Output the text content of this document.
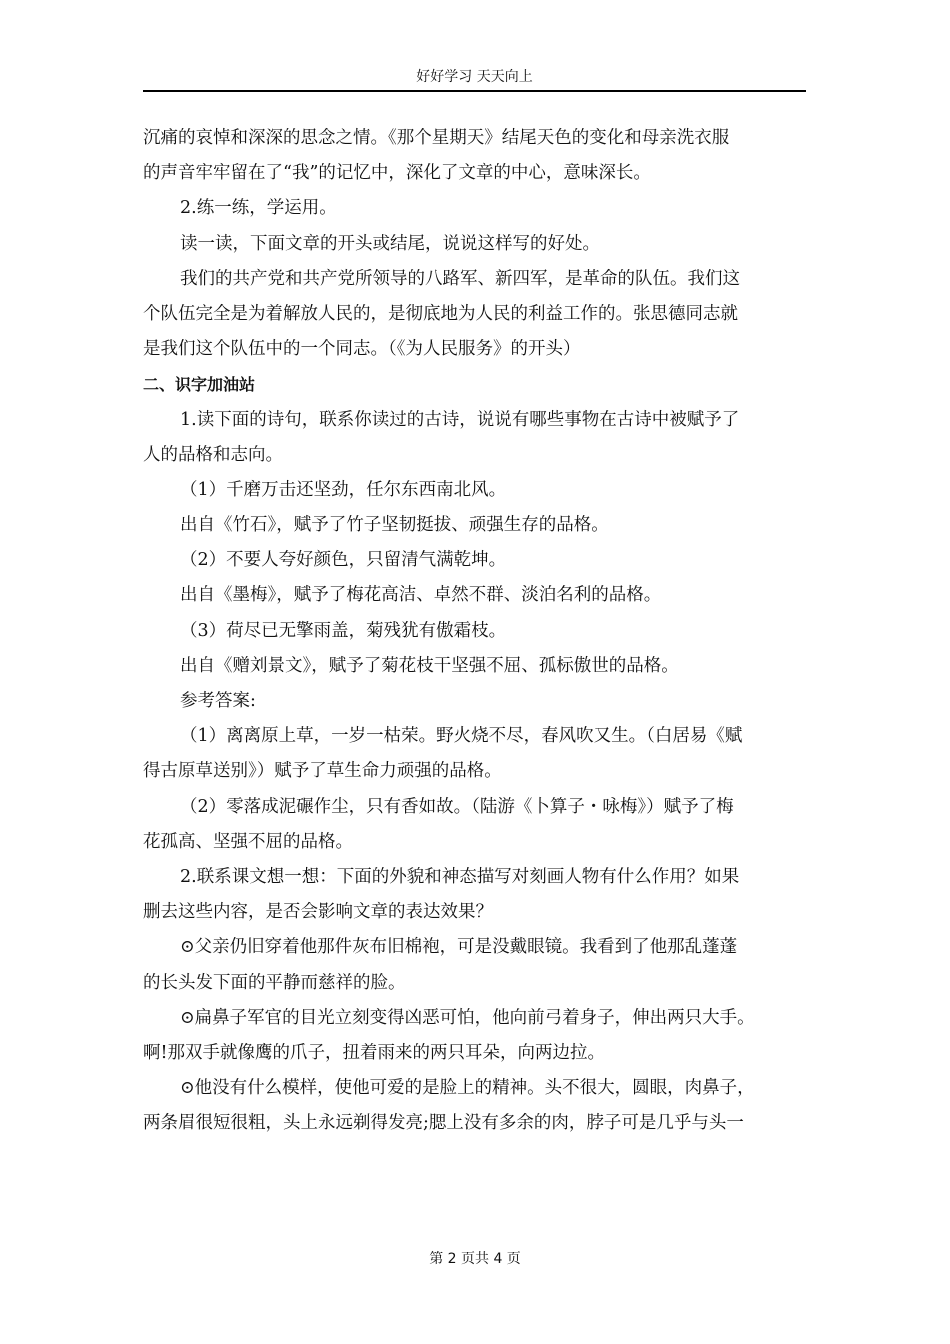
好好学习 天天向上
沉痛的哀悼和深深的思念之情。《那个星期天》结尾天色的变化和母亲洗衣服
的声音牢牢留在了“我”的记忆中，深化了文章的中心，意味深长。
2.练一练，学运用。
读一读，下面文章的开头或结尾，说说这样写的好处。
我们的共产党和共产党所领导的八路军、新四军，是革命的队伍。我们这
个队伍完全是为着解放人民的，是彻底地为人民的利益工作的。张思德同志就
是我们这个队伍中的一个同志。（《为人民服务》的开头）
二、识字加油站
1.读下面的诗句，联系你读过的古诗，说说有哪些事物在古诗中被赋予了
人的品格和志向。
（1）千磨万击还坚劲，任尔东西南北风。
出自《竹石》，赋予了竹子坚韧挺拔、顽强生存的品格。
（2）不要人夸好颜色，只留清气满乾坤。
出自《墨梅》，赋予了梅花高洁、卓然不群、淡泊名利的品格。
（3）荷尽已无擎雨盖，菊残犹有傲霜枝。
出自《赠刘景文》，赋予了菊花枝干坚强不屈、孤标傲世的品格。
参考答案:
（1）离离原上草，一岁一枯荣。野火烧不尽，春风吹又生。（白居易《赋
得古原草送别》）赋予了草生命力顽强的品格。
（2）零落成泥碾作尘，只有香如故。（陆游《卜算子・咏梅》）赋予了梅
花孤高、坚强不屈的品格。
2.联系课文想一想：下面的外貌和神态描写对刻画人物有什么作用？如果
删去这些内容，是否会影响文章的表达效果？
⊙父亲仍旧穿着他那件灰布旧棉袍，可是没戴眼镜。我看到了他那乱蓬蓬
的长头发下面的平静而慈祥的脸。
⊙扁鼻子军官的目光立刻变得凶恶可怕，他向前弓着身子，伸出两只大手。
啊!那双手就像鹰的爪子，扭着雨来的两只耳朵，向两边拉。
⊙他没有什么模样，使他可爱的是脸上的精神。头不很大，圆眼，肉鼻子，
两条眉很短很粗，头上永远剃得发亮;腮上没有多余的肉，脖子可是几乎与头一
第 2 页共 4 页
